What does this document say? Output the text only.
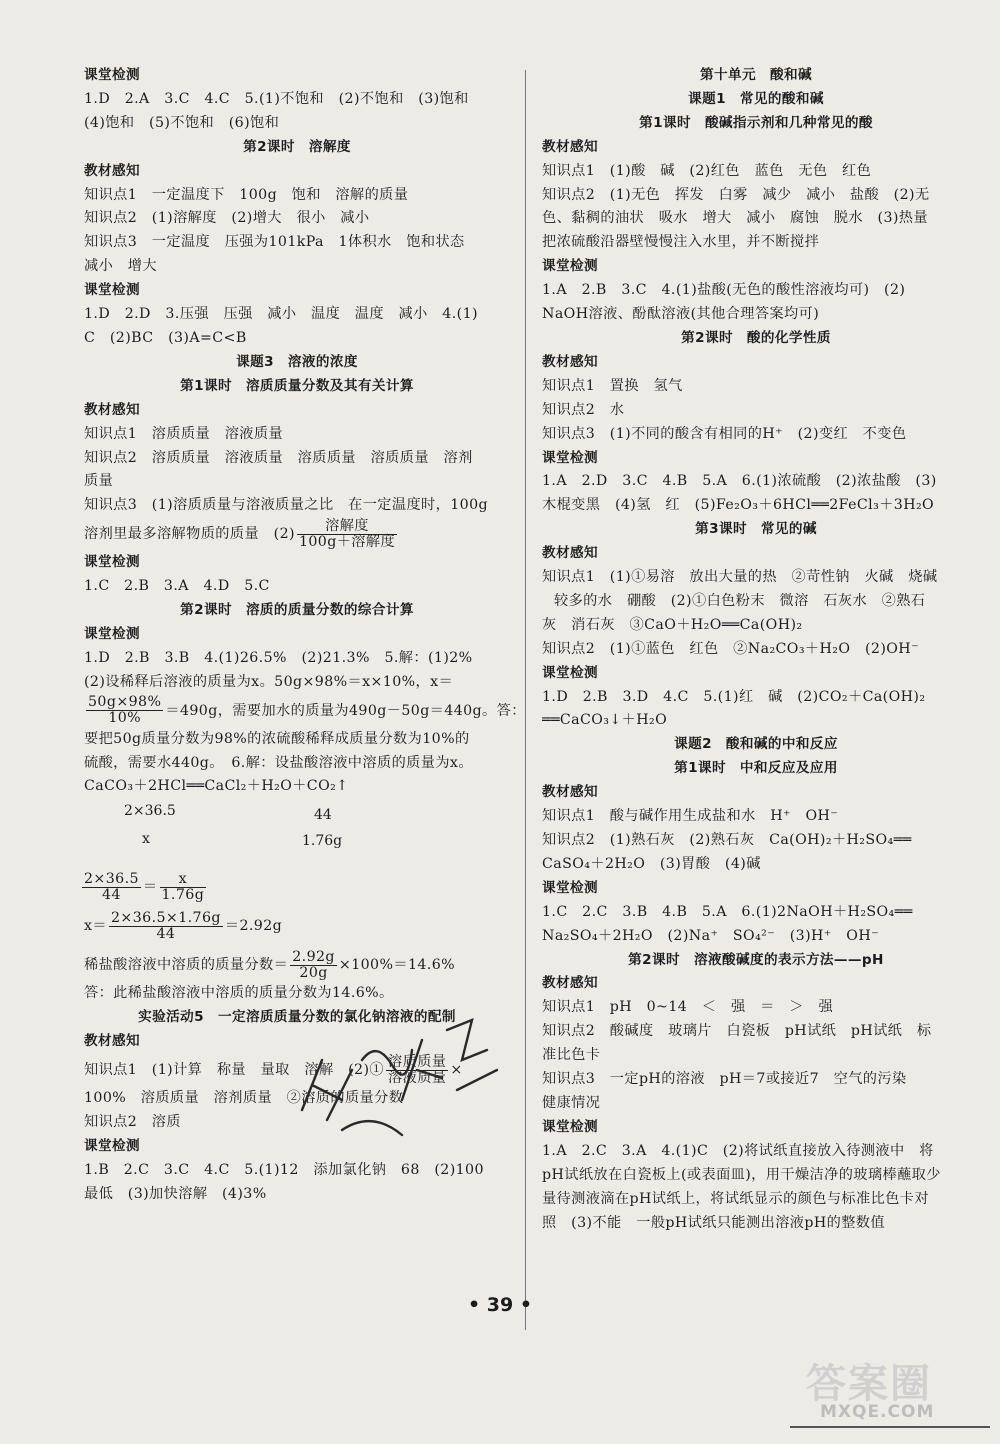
课堂检测
1.D　2.A　3.C　4.C　5.(1)不饱和　(2)不饱和　(3)饱和
(4)饱和　(5)不饱和　(6)饱和
第2课时　溶解度
教材感知
知识点1　一定温度下　100g　饱和　溶解的质量
知识点2　(1)溶解度　(2)增大　很小　减小
知识点3　一定温度　压强为101kPa　1体积水　饱和状态
减小　增大
课堂检测
1.D　2.D　3.压强　压强　减小　温度　温度　减小　4.(1)
C　(2)BC　(3)A=C<B
课题3　溶液的浓度
第1课时　溶质质量分数及其有关计算
教材感知
知识点1　溶质质量　溶液质量
知识点2　溶质质量　溶液质量　溶质质量　溶质质量　溶剂
质量
知识点3　(1)溶质质量与溶液质量之比　在一定温度时，100g
溶剂里最多溶解物质的质量　$(2) \frac{\text{溶解度}}{\text{100g＋溶解度}}$
课堂检测
1.C　2.B　3.A　4.D　5.C
第2课时　溶质的质量分数的综合计算
课堂检测
1.D　2.B　3.B　4.(1)26.5%　(2)21.3%　5.解：(1)2%
(2)设稀释后溶液的质量为x。50g×98%＝x×10%，x＝
$\frac{50g\times 98\%}{10\%} =490g$，需要加水的质量为490g－50g＝440g。答：
要把50g质量分数为98%的浓硫酸稀释成质量分数为10%的
硫酸，需要水440g。　6.解：设盐酸溶液中溶质的质量为x。
CaCO₃＋2HCl══CaCl₂＋H₂O＋CO₂↑
2×36.5	44
x	1.76g
$\frac{2\times 36.5}{44} = \frac{x}{1.76g}$
$x= \frac{2\times 36.5\times 1.76g}{44} =2.92g$
稀盐酸溶液中溶质的质量分数＝ $\frac{2.92g}{20g} \times 100\%=14.6\%$
答：此稀盐酸溶液中溶质的质量分数为14.6%。
实验活动5　一定溶质质量分数的氯化钠溶液的配制
教材感知
知识点1　(1)计算　称量　量取　溶解　(2)① $\frac{\text{溶质质量}}{\text{溶液质量}}$ ×
100%　溶质质量　溶剂质量　②溶质的质量分数
知识点2　溶质
课堂检测
1.B　2.C　3.C　4.C　5.(1)12　添加氯化钠　68　(2)100
最低　(3)加快溶解　(4)3%
第十单元　酸和碱
课题1　常见的酸和碱
第1课时　酸碱指示剂和几种常见的酸
教材感知
知识点1　(1)酸　碱　(2)红色　蓝色　无色　红色
知识点2　(1)无色　挥发　白雾　减少　减小　盐酸　(2)无
色、黏稠的油状　吸水　增大　减小　腐蚀　脱水　(3)热量
把浓硫酸沿器壁慢慢注入水里，并不断搅拌
课堂检测
1.A　2.B　3.C　4.(1)盐酸(无色的酸性溶液均可)　(2)
NaOH溶液、酚酞溶液(其他合理答案均可)
第2课时　酸的化学性质
教材感知
知识点1　置换　氢气
知识点2　水
知识点3　(1)不同的酸含有相同的H⁺　(2)变红　不变色
课堂检测
1.A　2.D　3.C　4.B　5.A　6.(1)浓硫酸　(2)浓盐酸　(3)
木棍变黑　(4)氢　红　(5)Fe₂O₃＋6HCl══2FeCl₃＋3H₂O
第3课时　常见的碱
教材感知
知识点1　(1)①易溶　放出大量的热　②苛性钠　火碱　烧碱
较多的水　硼酸　(2)①白色粉末　微溶　石灰水　②熟石
灰　消石灰　③CaO＋H₂O══Ca(OH)₂
知识点2　(1)①蓝色　红色　②Na₂CO₃＋H₂O　(2)OH⁻
课堂检测
1.D　2.B　3.D　4.C　5.(1)红　碱　(2)CO₂＋Ca(OH)₂
══CaCO₃↓＋H₂O
课题2　酸和碱的中和反应
第1课时　中和反应及应用
教材感知
知识点1　酸与碱作用生成盐和水　H⁺　OH⁻
知识点2　(1)熟石灰　(2)熟石灰　Ca(OH)₂＋H₂SO₄══
CaSO₄＋2H₂O　(3)胃酸　(4)碱
课堂检测
1.C　2.C　3.B　4.B　5.A　6.(1)2NaOH＋H₂SO₄══
Na₂SO₄＋2H₂O　(2)Na⁺　SO₄²⁻　(3)H⁺　OH⁻
第2课时　溶液酸碱度的表示方法——pH
教材感知
知识点1　pH　0~14　＜　强　＝　＞　强
知识点2　酸碱度　玻璃片　白瓷板　pH试纸　pH试纸　标
准比色卡
知识点3　一定pH的溶液　pH＝7或接近7　空气的污染
健康情况
课堂检测
1.A　2.C　3.A　4.(1)C　(2)将试纸直接放入待测液中　将
pH试纸放在白瓷板上(或表面皿)，用干燥洁净的玻璃棒蘸取少
量待测液滴在pH试纸上，将试纸显示的颜色与标准比色卡对
照　(3)不能　一般pH试纸只能测出溶液pH的整数值
• 39 •
答案圈
MXQE.COM
